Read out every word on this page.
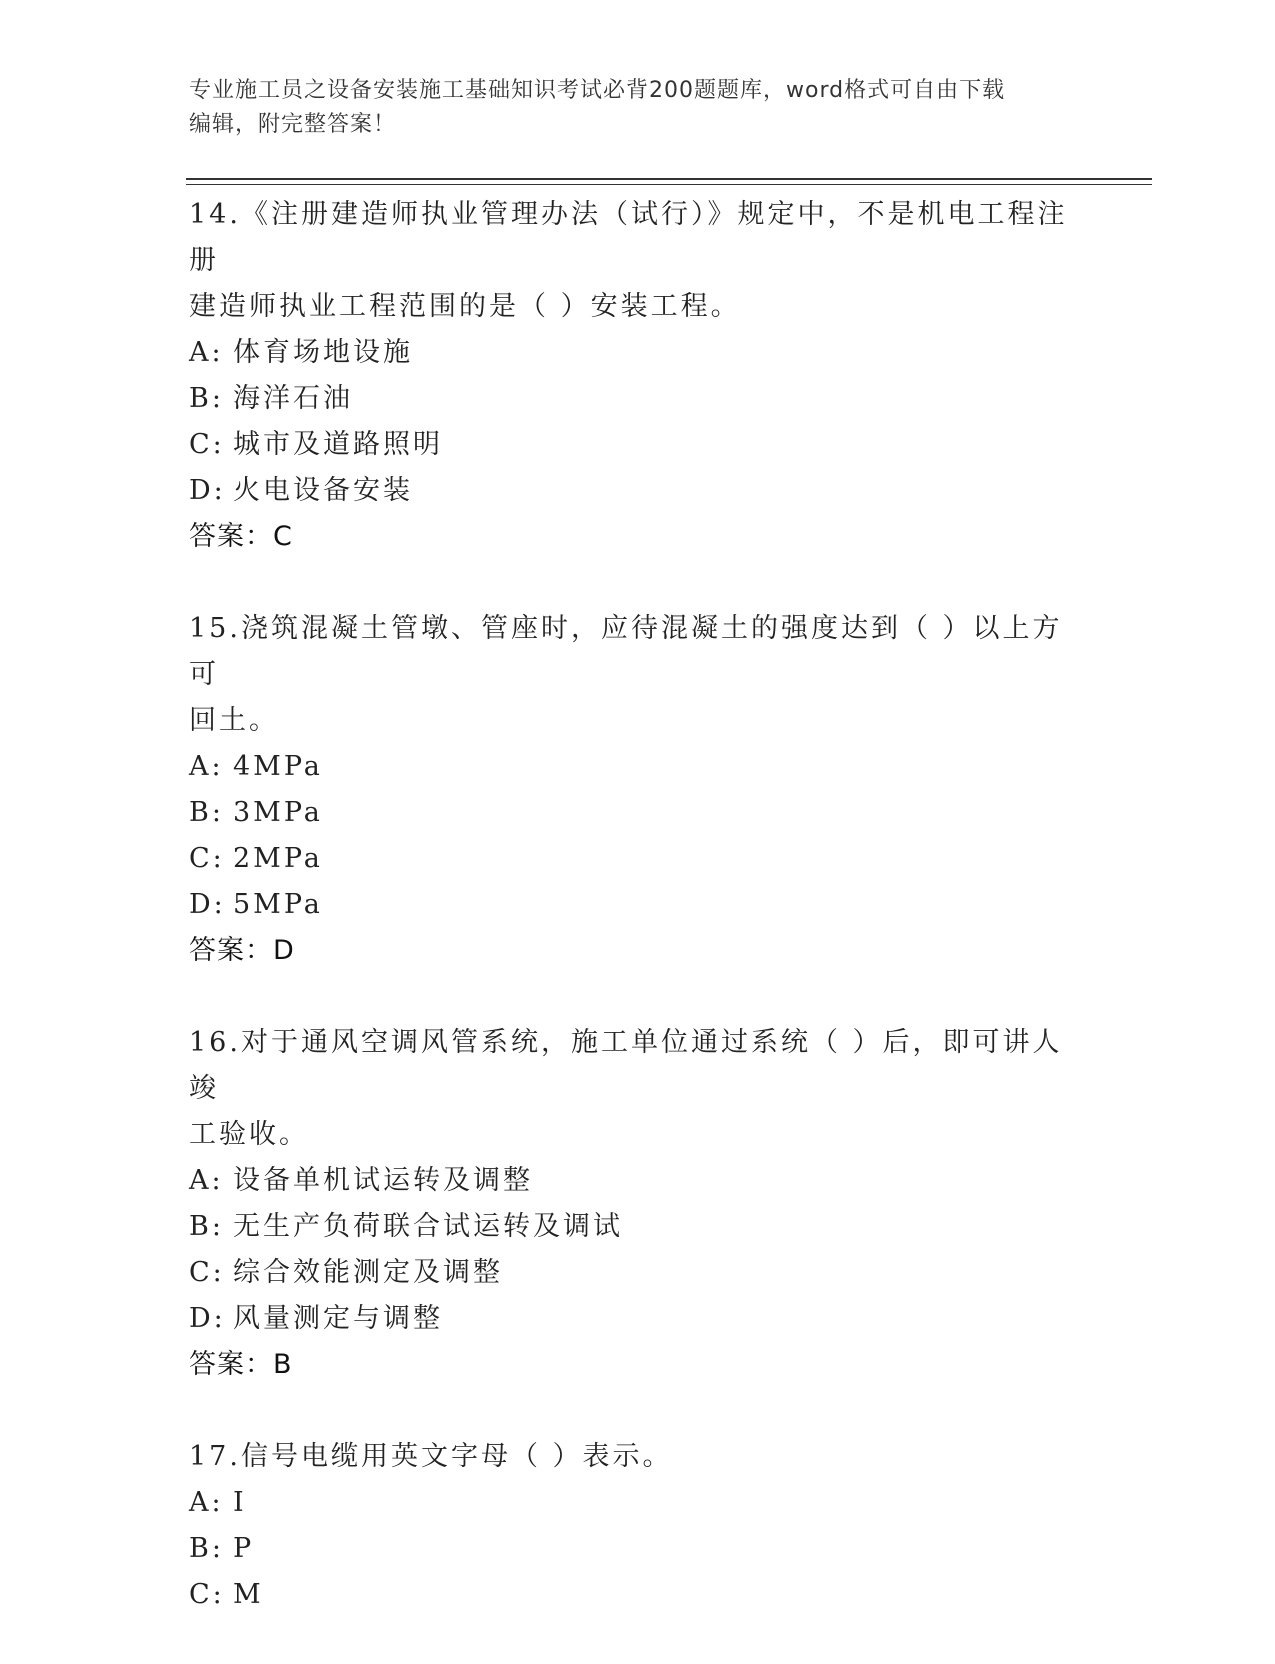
专业施工员之设备安装施工基础知识考试必背200题题库，word格式可自由下载
编辑，附完整答案！

14.《注册建造师执业管理办法（试行）》规定中，不是机电工程注册

建造师执业工程范围的是（ ）安装工程。

A: 体育场地设施

B: 海洋石油

C: 城市及道路照明

D: 火电设备安装

答案：C

15.浇筑混凝土管墩、管座时，应待混凝土的强度达到（ ）以上方可

回土。

A: 4MPa

B: 3MPa

C: 2MPa

D: 5MPa

答案：D

16.对于通风空调风管系统，施工单位通过系统（ ）后，即可讲人竣

工验收。

A: 设备单机试运转及调整

B: 无生产负荷联合试运转及调试

C: 综合效能测定及调整

D: 风量测定与调整

答案：B

17.信号电缆用英文字母（ ）表示。

A: I

B: P

C: M
